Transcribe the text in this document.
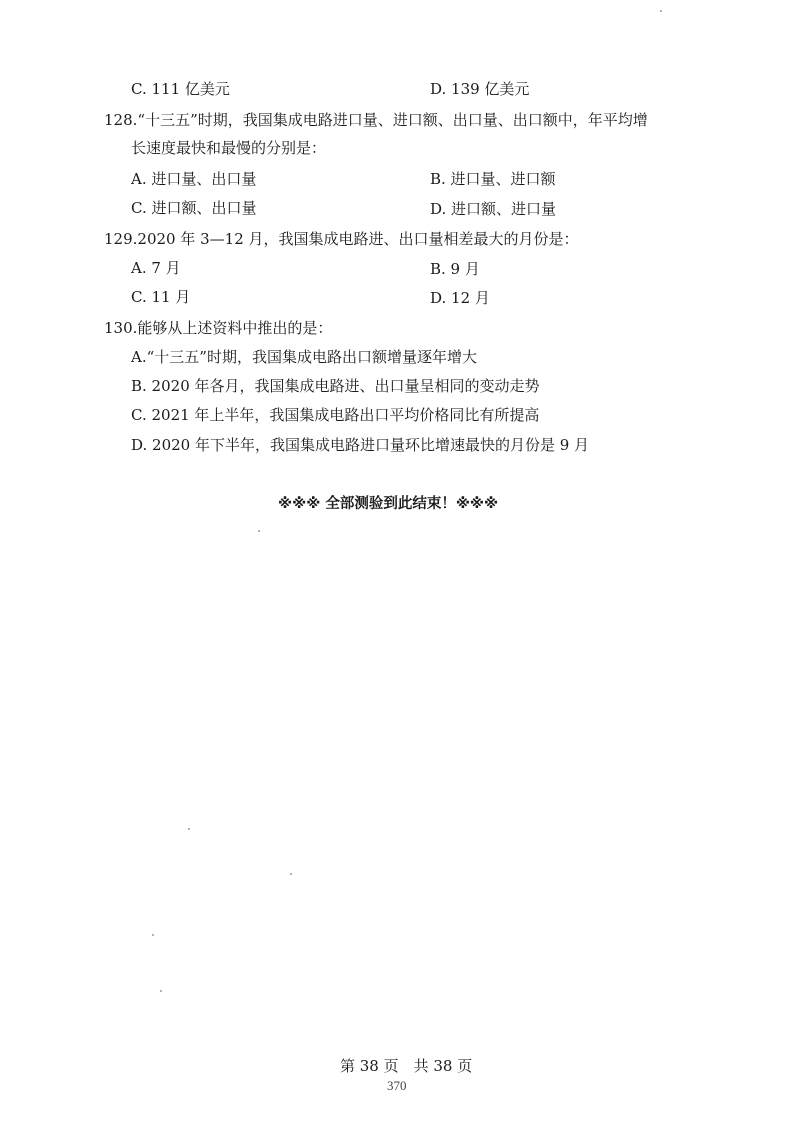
C. 111 亿美元	D. 139 亿美元
128.“十三五”时期，我国集成电路进口量、进口额、出口量、出口额中，年平均增
长速度最快和最慢的分别是：
A. 进口量、出口量	B. 进口量、进口额
C. 进口额、出口量	D. 进口额、进口量
129.2020 年 3—12 月，我国集成电路进、出口量相差最大的月份是：
A. 7 月	B. 9 月
C. 11 月	D. 12 月
130.能够从上述资料中推出的是：
A.“十三五”时期，我国集成电路出口额增量逐年增大
B. 2020 年各月，我国集成电路进、出口量呈相同的变动走势
C. 2021 年上半年，我国集成电路出口平均价格同比有所提高
D. 2020 年下半年，我国集成电路进口量环比增速最快的月份是 9 月
※※※ 全部测验到此结束！※※※
第 38 页　共 38 页
370
